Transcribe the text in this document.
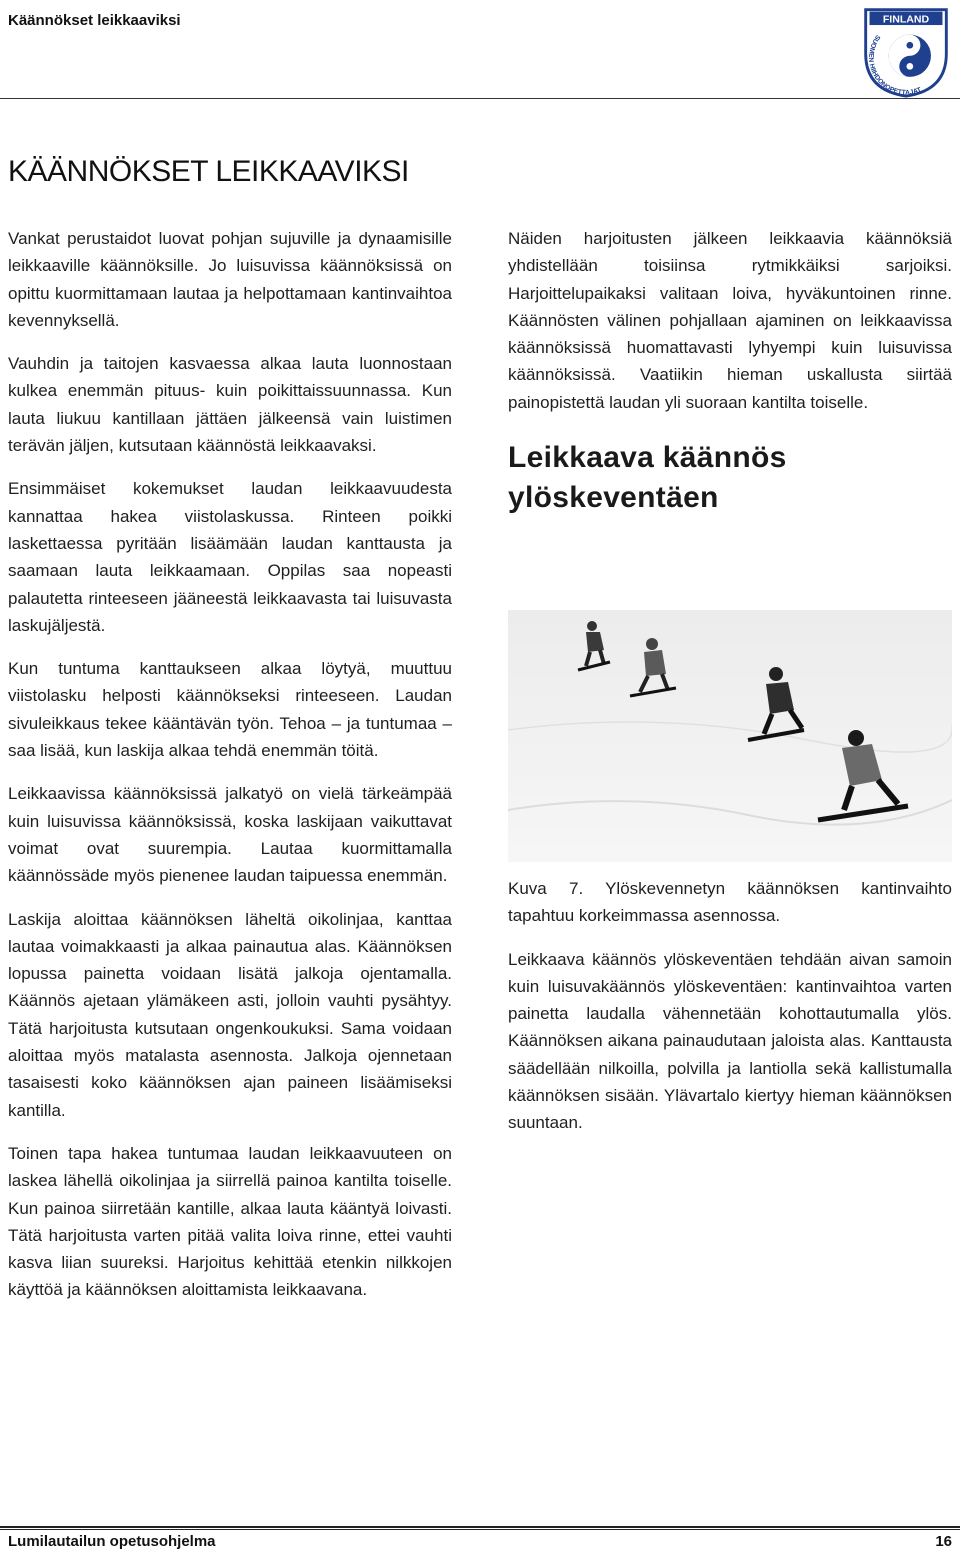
Käännökset leikkaaviksi	FINLAND
SUOMEN HIIHDONOPETTAJAT
KÄÄNNÖKSET LEIKKAAVIKSI

Vankat perustaidot luovat pohjan sujuville ja dynaamisille leikkaaville käännöksille. Jo luisuvissa käännöksissä on opittu kuormittamaan lautaa ja helpottamaan kantinvaihtoa kevennyksellä.

Vauhdin ja taitojen kasvaessa alkaa lauta luonnostaan kulkea enemmän pituus- kuin poikittaissuunnassa. Kun lauta liukuu kantillaan jättäen jälkeensä vain luistimen terävän jäljen, kutsutaan käännöstä leikkaavaksi.

Ensimmäiset kokemukset laudan leikkaavuudesta kannattaa hakea viistolaskussa. Rinteen poikki laskettaessa pyritään lisäämään laudan kanttausta ja saamaan lauta leikkaamaan. Oppilas saa nopeasti palautetta rinteeseen jääneestä leikkaavasta tai luisuvasta laskujäljestä.

Kun tuntuma kanttaukseen alkaa löytyä, muuttuu viistolasku helposti käännökseksi rinteeseen. Laudan sivuleikkaus tekee kääntävän työn. Tehoa – ja tuntumaa – saa lisää, kun laskija alkaa tehdä enemmän töitä.

Leikkaavissa käännöksissä jalkatyö on vielä tärkeämpää kuin luisuvissa käännöksissä, koska laskijaan vaikuttavat voimat ovat suurempia. Lautaa kuormittamalla käännössäde myös pienenee laudan taipuessa enemmän.

Laskija aloittaa käännöksen läheltä oikolinjaa, kanttaa lautaa voimakkaasti ja alkaa painautua alas. Käännöksen lopussa painetta voidaan lisätä jalkoja ojentamalla. Käännös ajetaan ylämäkeen asti, jolloin vauhti pysähtyy. Tätä harjoitusta kutsutaan ongenkoukuksi. Sama voidaan aloittaa myös matalasta asennosta. Jalkoja ojennetaan tasaisesti koko käännöksen ajan paineen lisäämiseksi kantilla.

Toinen tapa hakea tuntumaa laudan leikkaavuuteen on laskea lähellä oikolinjaa ja siirrellä painoa kantilta toiselle. Kun painoa siirretään kantille, alkaa lauta kääntyä loivasti. Tätä harjoitusta varten pitää valita loiva rinne, ettei vauhti kasva liian suureksi. Harjoitus kehittää etenkin nilkkojen käyttöä ja käännöksen aloittamista leikkaavana.

Näiden harjoitusten jälkeen leikkaavia käännöksiä yhdistellään toisiinsa rytmikkäiksi sarjoiksi. Harjoittelupaikaksi valitaan loiva, hyväkuntoinen rinne. Käännösten välinen pohjallaan ajaminen on leikkaavissa käännöksissä huomattavasti lyhyempi kuin luisuvissa käännöksissä. Vaatiikin hieman uskallusta siirtää painopistettä laudan yli suoraan kantilta toiselle.

Leikkaava käännös ylöskeventäen

Kuva 7. Ylöskevennetyn käännöksen kantinvaihto tapahtuu korkeimmassa asennossa.

Leikkaava käännös ylöskeventäen tehdään aivan samoin kuin luisuvakäännös ylöskeventäen: kantinvaihtoa varten painetta laudalla vähennetään kohottautumalla ylös. Käännöksen aikana painaudutaan jaloista alas. Kanttausta säädellään nilkoilla, polvilla ja lantiolla sekä kallistumalla käännöksen sisään. Ylävartalo kiertyy hieman käännöksen suuntaan.

Lumilautailun opetusohjelma	16
